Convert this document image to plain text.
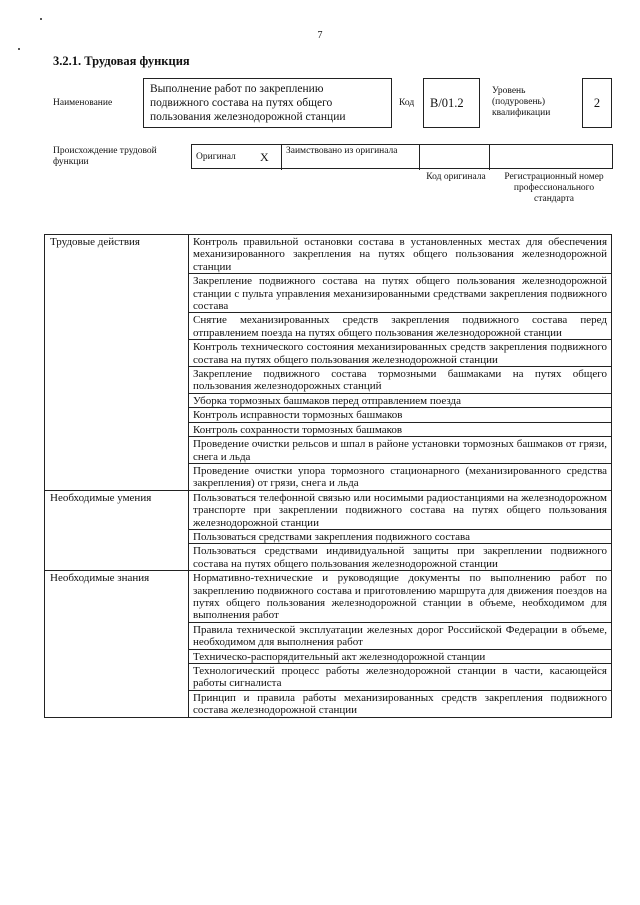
7
3.2.1. Трудовая функция
Наименование
Выполнение работ по закреплению подвижного состава на путях общего пользования железнодорожной станции
Код	В/01.2
Уровень (подуровень) квалификации
2
Происхождение трудовой функции	Оригинал X Заимствовано из оригинала
Код оригинала	Регистрационный номер профессионального стандарта
Трудовые действия	Контроль правильной остановки состава в установленных местах для обеспечения механизированного закрепления на путях общего пользования железнодорожной станции
	Закрепление подвижного состава на путях общего пользования железнодорожной станции с пульта управления механизированными средствами закрепления подвижного состава
	Снятие механизированных средств закрепления подвижного состава перед отправлением поезда на путях общего пользования железнодорожной станции
	Контроль технического состояния механизированных средств закрепления подвижного состава на путях общего пользования железнодорожной станции
	Закрепление подвижного состава тормозными башмаками на путях общего пользования железнодорожных станций
	Уборка тормозных башмаков перед отправлением поезда
	Контроль исправности тормозных башмаков
	Контроль сохранности тормозных башмаков
	Проведение очистки рельсов и шпал в районе установки тормозных башмаков от грязи, снега и льда
	Проведение очистки упора тормозного стационарного (механизированного средства закрепления) от грязи, снега и льда
Необходимые умения	Пользоваться телефонной связью или носимыми радиостанциями на железнодорожном транспорте при закреплении подвижного состава на путях общего пользования железнодорожной станции
	Пользоваться средствами закрепления подвижного состава
	Пользоваться средствами индивидуальной защиты при закреплении подвижного состава на путях общего пользования железнодорожной станции
Необходимые знания	Нормативно-технические и руководящие документы по выполнению работ по закреплению подвижного состава и приготовлению маршрута для движения поездов на путях общего пользования железнодорожной станции в объеме, необходимом для выполнения работ
	Правила технической эксплуатации железных дорог Российской Федерации в объеме, необходимом для выполнения работ
	Техническо-распорядительный акт железнодорожной станции
	Технологический процесс работы железнодорожной станции в части, касающейся работы сигналиста
	Принцип и правила работы механизированных средств закрепления подвижного состава железнодорожной станции
